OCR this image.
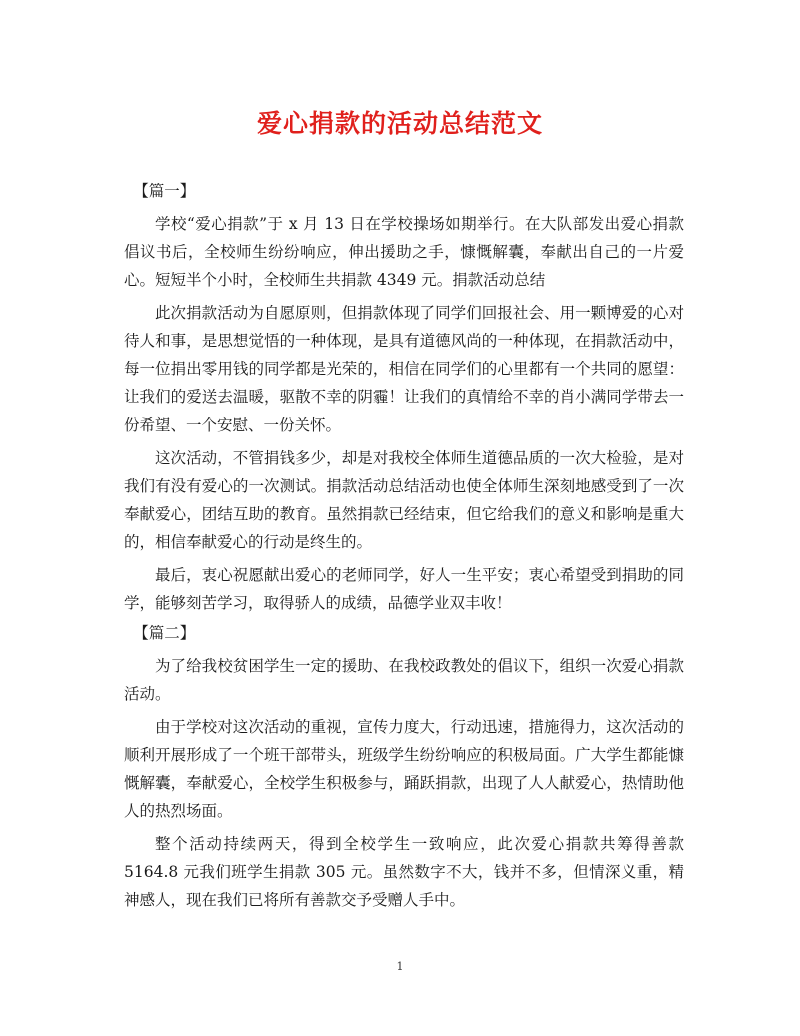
爱心捐款的活动总结范文

【篇一】

学校“爱心捐款”于 x 月 13 日在学校操场如期举行。在大队部发出爱心捐款倡议书后，全校师生纷纷响应，伸出援助之手，慷慨解囊，奉献出自己的一片爱心。短短半个小时，全校师生共捐款 4349 元。捐款活动总结

此次捐款活动为自愿原则，但捐款体现了同学们回报社会、用一颗博爱的心对待人和事，是思想觉悟的一种体现，是具有道德风尚的一种体现，在捐款活动中，每一位捐出零用钱的同学都是光荣的，相信在同学们的心里都有一个共同的愿望：让我们的爱送去温暖，驱散不幸的阴霾！让我们的真情给不幸的肖小满同学带去一份希望、一个安慰、一份关怀。

这次活动，不管捐钱多少，却是对我校全体师生道德品质的一次大检验，是对我们有没有爱心的一次测试。捐款活动总结活动也使全体师生深刻地感受到了一次奉献爱心，团结互助的教育。虽然捐款已经结束，但它给我们的意义和影响是重大的，相信奉献爱心的行动是终生的。

最后，衷心祝愿献出爱心的老师同学，好人一生平安；衷心希望受到捐助的同学，能够刻苦学习，取得骄人的成绩，品德学业双丰收！

【篇二】

为了给我校贫困学生一定的援助、在我校政教处的倡议下，组织一次爱心捐款活动。

由于学校对这次活动的重视，宣传力度大，行动迅速，措施得力，这次活动的顺利开展形成了一个班干部带头，班级学生纷纷响应的积极局面。广大学生都能慷慨解囊，奉献爱心，全校学生积极参与，踊跃捐款，出现了人人献爱心，热情助他人的热烈场面。

整个活动持续两天，得到全校学生一致响应，此次爱心捐款共筹得善款5164.8 元我们班学生捐款 305 元。虽然数字不大，钱并不多，但情深义重，精神感人，现在我们已将所有善款交予受赠人手中。

1
